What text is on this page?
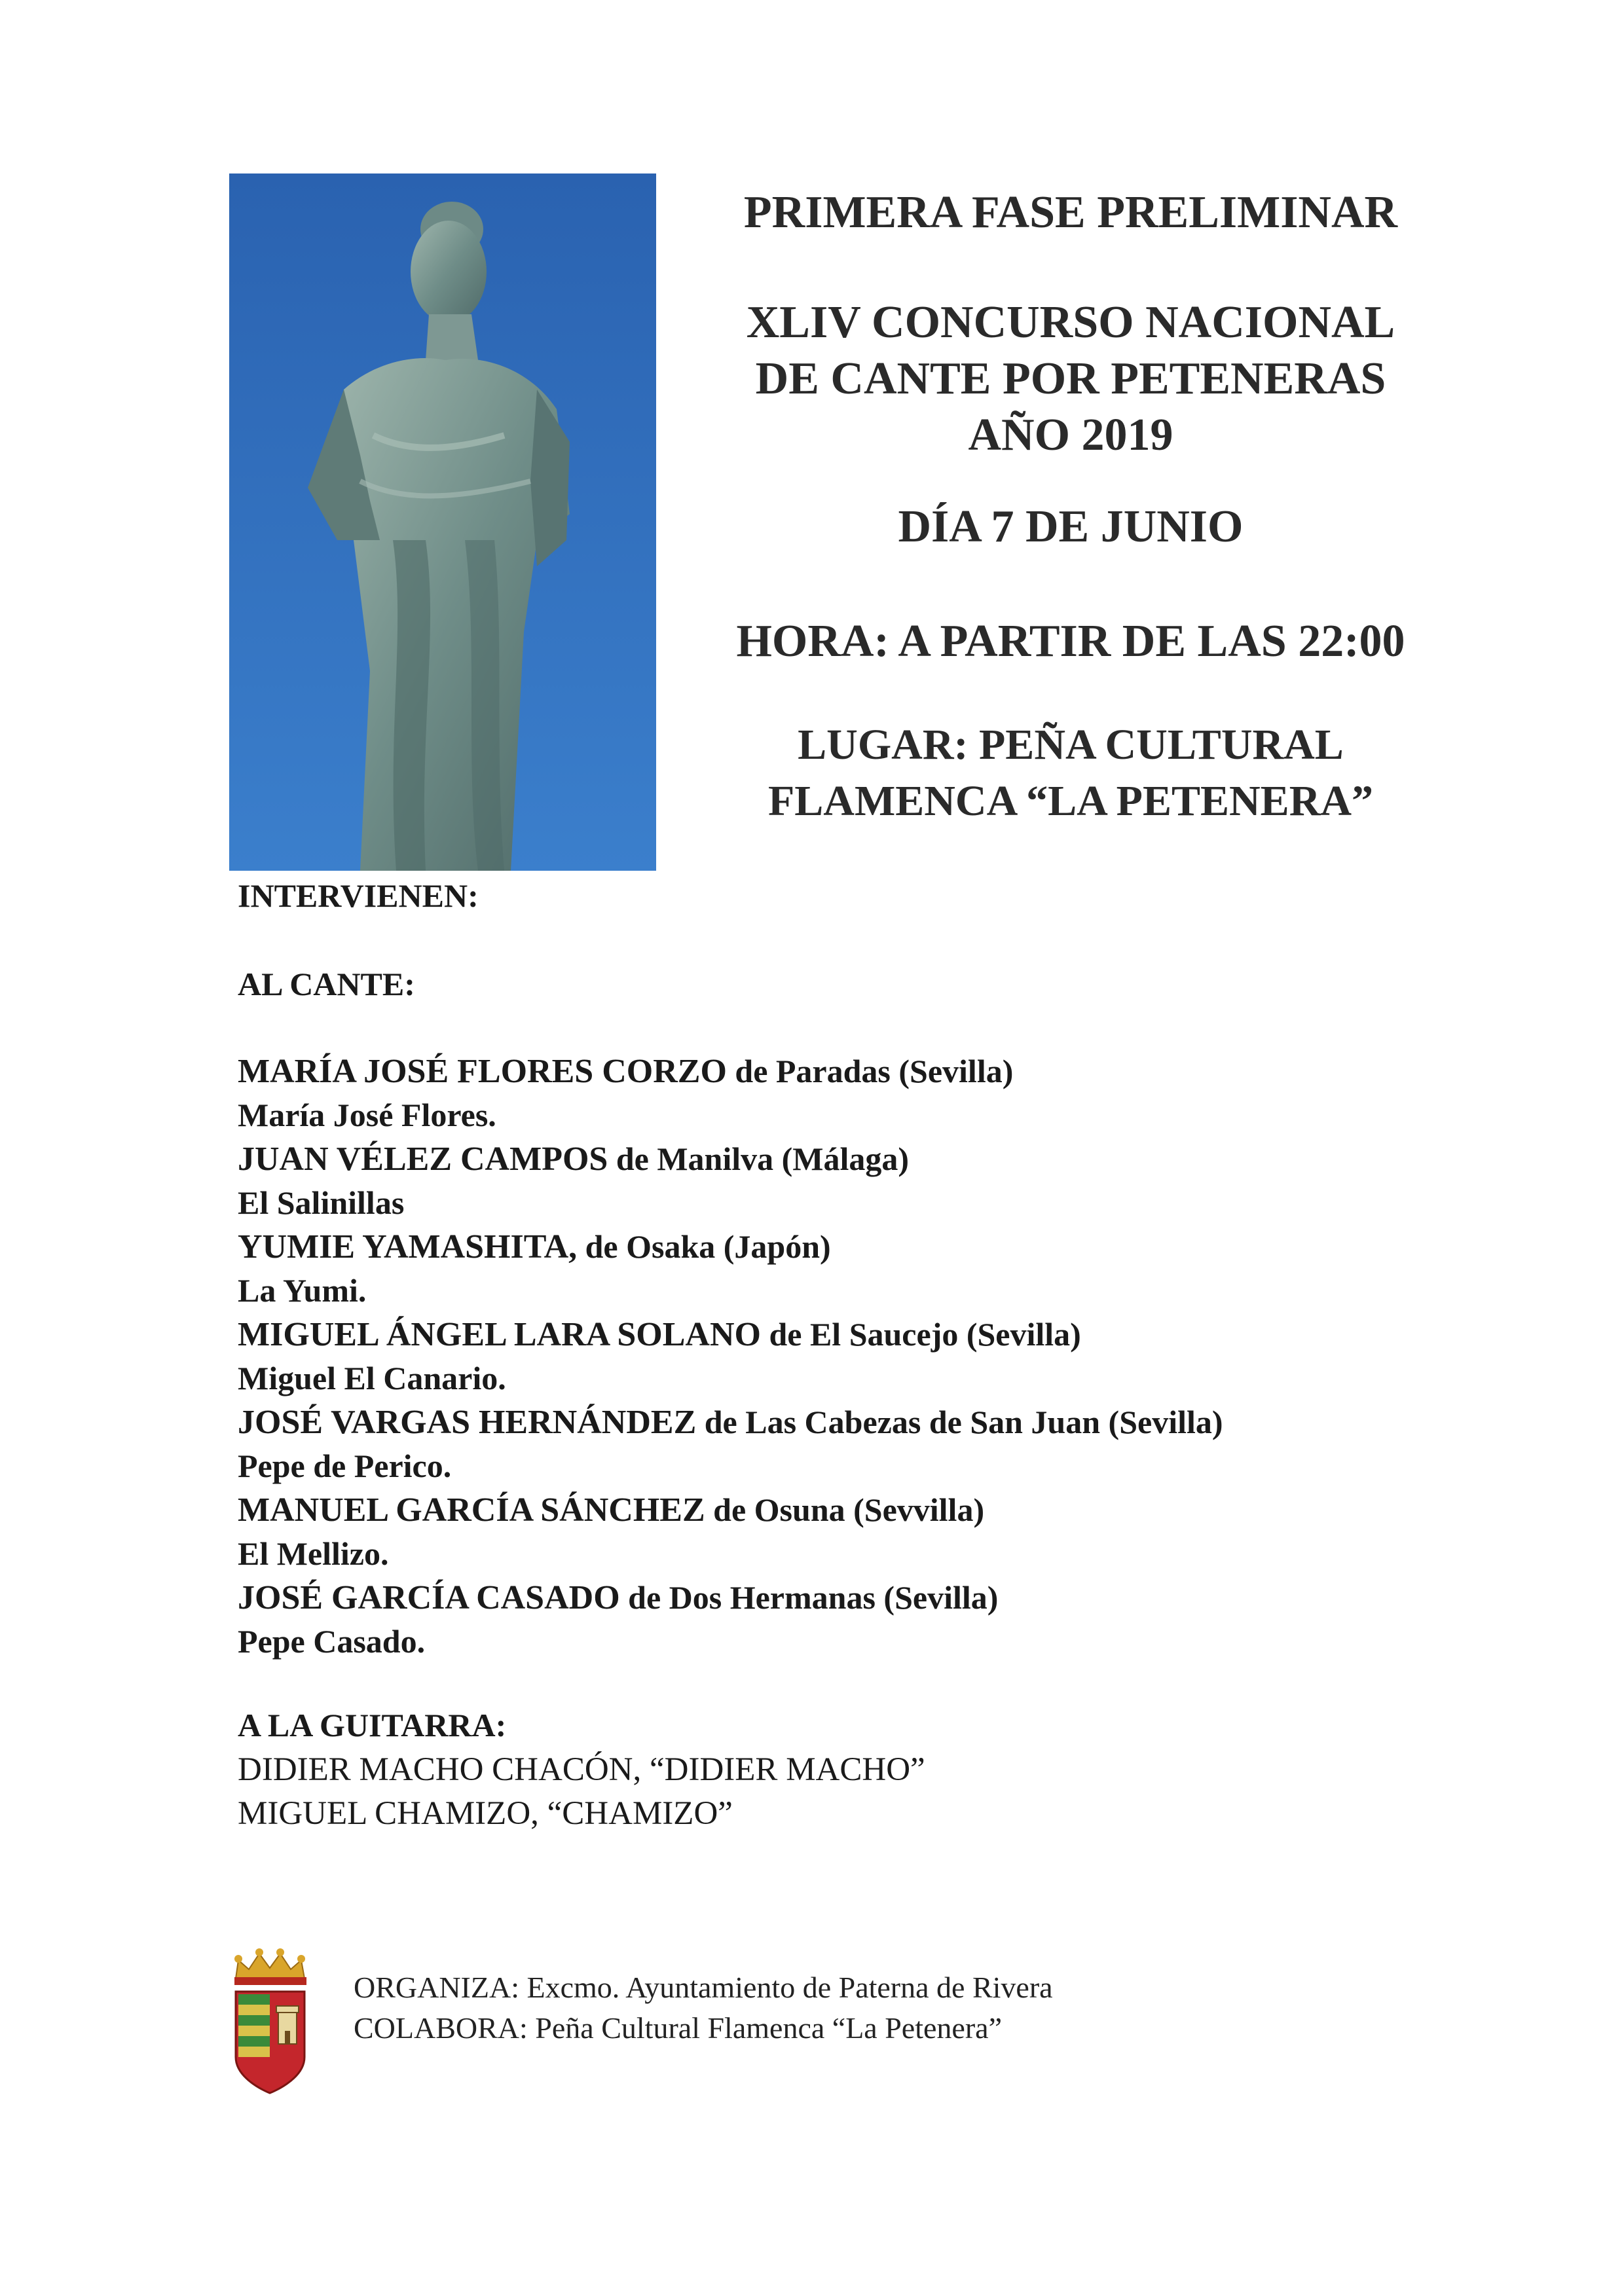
PRIMERA FASE PRELIMINAR
XLIV CONCURSO NACIONAL
DE CANTE POR PETENERAS
AÑO 2019
DÍA 7 DE JUNIO
HORA: A PARTIR DE LAS 22:00
LUGAR: PEÑA CULTURAL
FLAMENCA “LA PETENERA”
INTERVIENEN:
AL CANTE:
MARÍA JOSÉ FLORES CORZO de Paradas (Sevilla)
María José Flores.
JUAN VÉLEZ CAMPOS de Manilva (Málaga)
El Salinillas
YUMIE YAMASHITA, de Osaka (Japón)
La Yumi.
MIGUEL ÁNGEL LARA SOLANO de El Saucejo (Sevilla)
Miguel El Canario.
JOSÉ VARGAS HERNÁNDEZ de Las Cabezas de San Juan (Sevilla)
Pepe de Perico.
MANUEL GARCÍA SÁNCHEZ de Osuna (Sevvilla)
El Mellizo.
JOSÉ GARCÍA CASADO de Dos Hermanas (Sevilla)
Pepe Casado.
A LA GUITARRA:
DIDIER MACHO CHACÓN, “DIDIER MACHO”
MIGUEL CHAMIZO, “CHAMIZO”
ORGANIZA: Excmo. Ayuntamiento de Paterna de Rivera
COLABORA: Peña Cultural Flamenca “La Petenera”
